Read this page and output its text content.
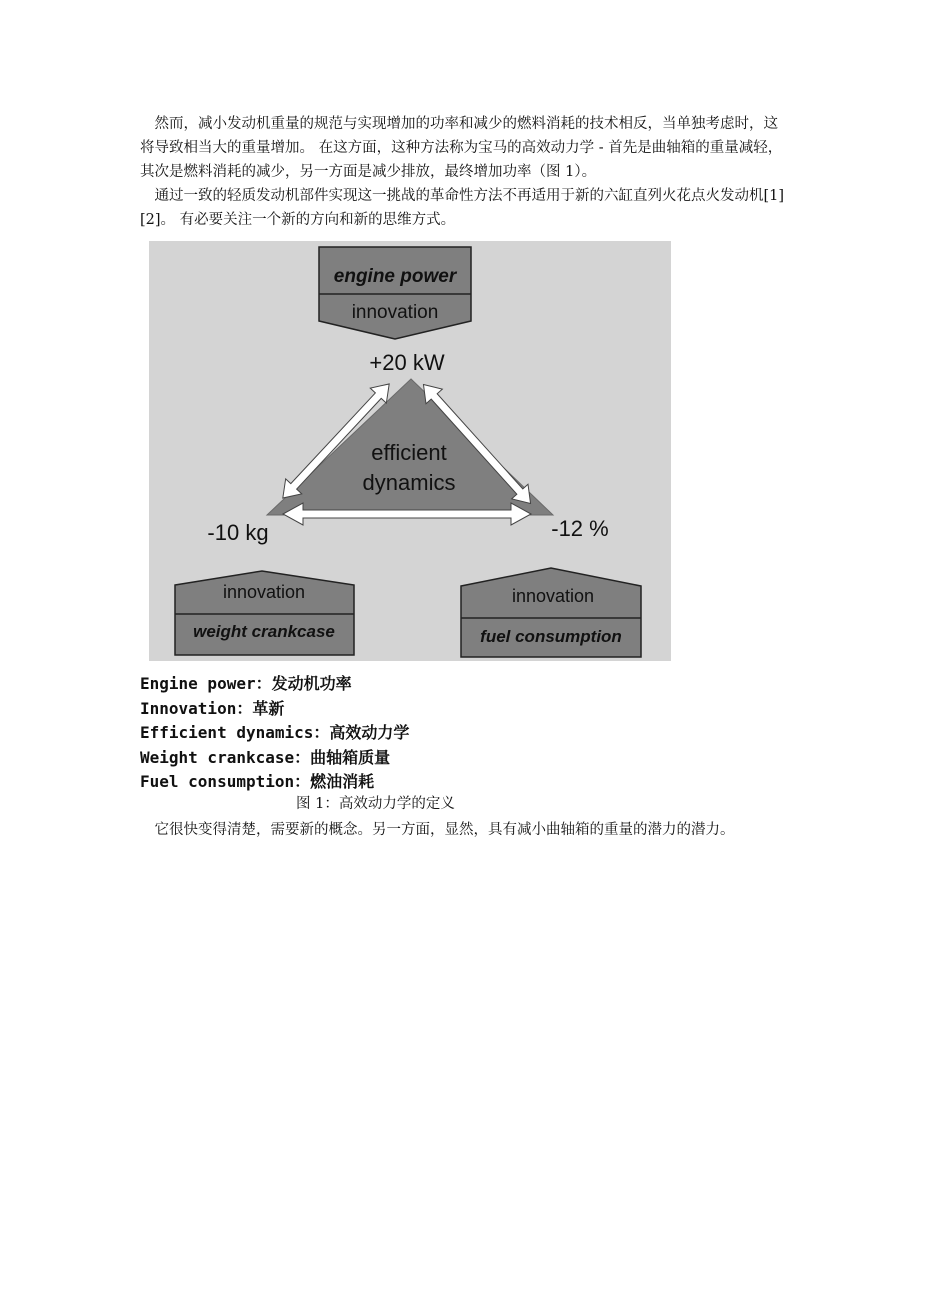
　然而，减小发动机重量的规范与实现增加的功率和减少的燃料消耗的技术相反，当单独考虑时，这将导致相当大的重量增加。 在这方面，这种方法称为宝马的高效动力学 - 首先是曲轴箱的重量减轻，其次是燃料消耗的减少，另一方面是减少排放，最终增加功率（图 1）。

　通过一致的轻质发动机部件实现这一挑战的革命性方法不再适用于新的六缸直列火花点火发动机[1] [2]。 有必要关注一个新的方向和新的思维方式。

engine power
innovation
+20 kW
efficient
dynamics
-10 kg	-12 %
innovation
weight crankcase
innovation
fuel consumption
Engine power：发动机功率
Innovation：革新
Efficient dynamics：高效动力学
Weight crankcase：曲轴箱质量
Fuel consumption：燃油消耗
图 1：高效动力学的定义

　它很快变得清楚，需要新的概念。另一方面，显然，具有减小曲轴箱的重量的潜力的潜力。
